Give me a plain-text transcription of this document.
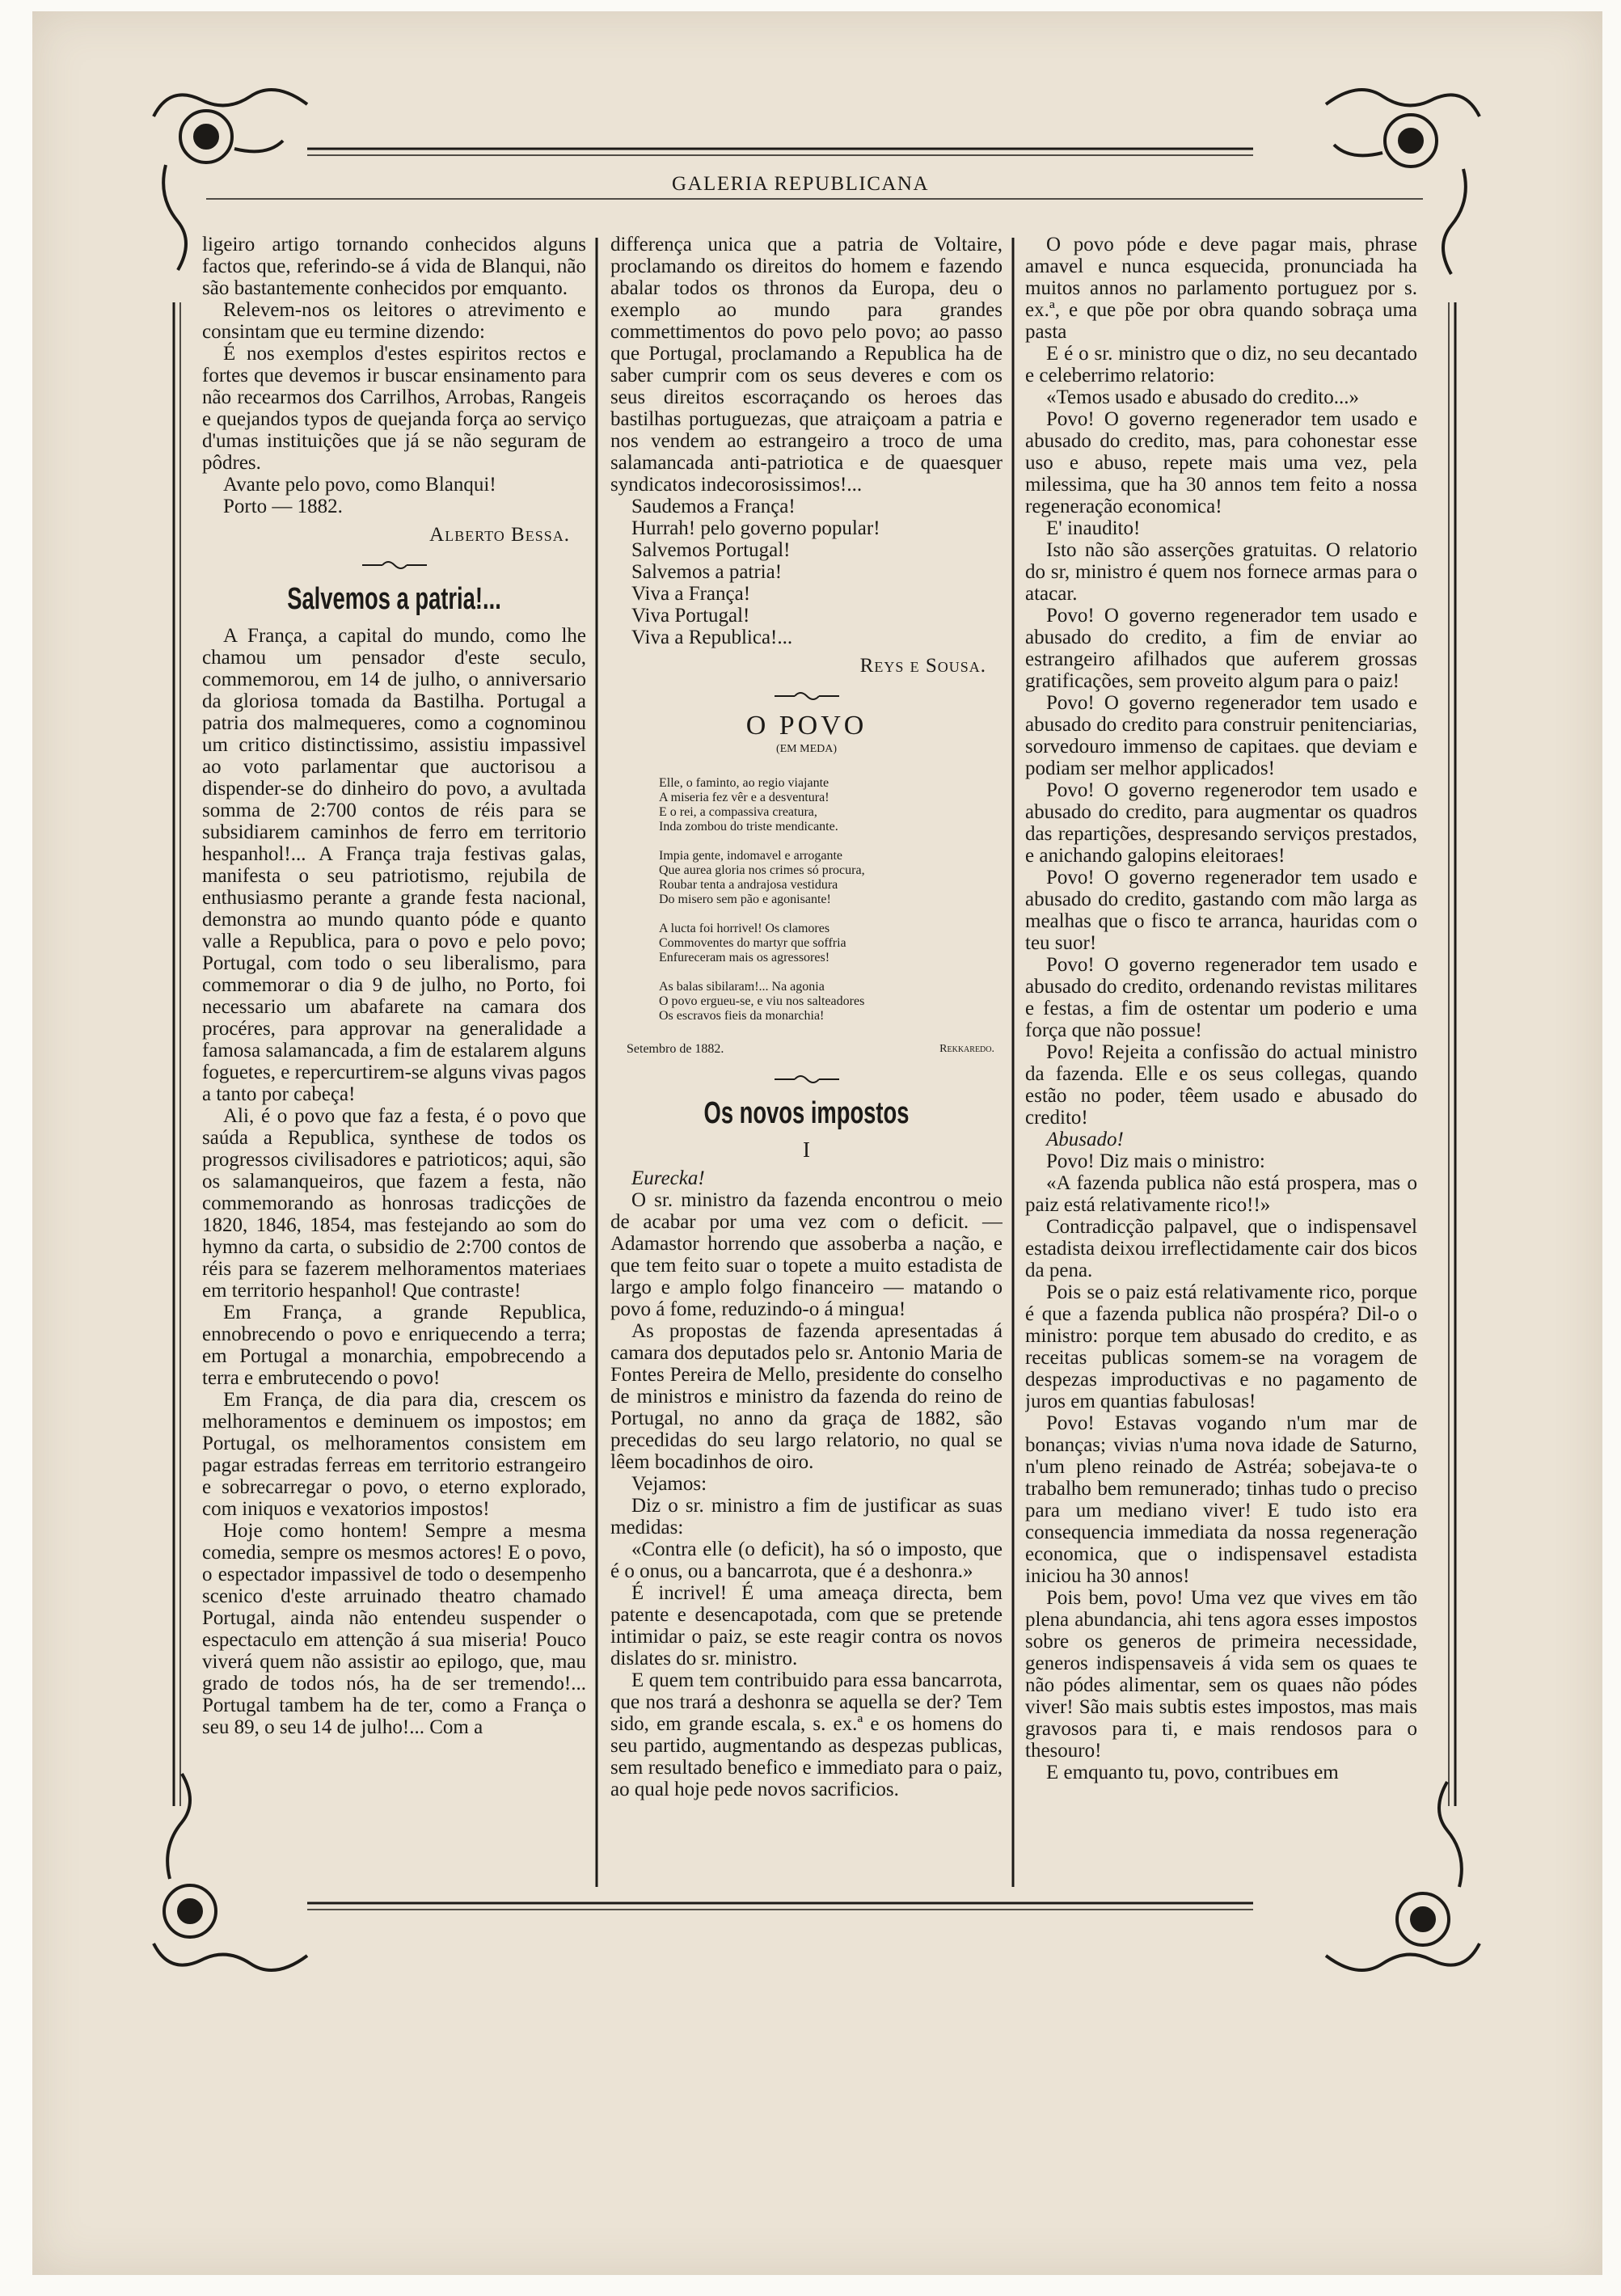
GALERIA REPUBLICANA

ligeiro artigo tornando conhecidos alguns factos que, referindo-se á vida de Blanqui, não são bastantemente conhecidos por emquanto.

Relevem-nos os leitores o atrevimento e consintam que eu termine dizendo:

É nos exemplos d'estes espiritos rectos e fortes que devemos ir buscar ensinamento para não recearmos dos Carrilhos, Arrobas, Rangeis e quejandos typos de quejanda força ao serviço d'umas instituições que já se não seguram de pôdres.

Avante pelo povo, como Blanqui!

Porto — 1882.

Alberto Bessa.

Salvemos a patria!...

A França, a capital do mundo, como lhe chamou um pensador d'este seculo, commemorou, em 14 de julho, o anniversario da gloriosa tomada da Bastilha. Portugal a patria dos malmequeres, como a cognominou um critico distinctissimo, assistiu impassivel ao voto parlamentar que auctorisou a dispender-se do dinheiro do povo, a avultada somma de 2:700 contos de réis para se subsidiarem caminhos de ferro em territorio hespanhol!... A França traja festivas galas, manifesta o seu patriotismo, rejubila de enthusiasmo perante a grande festa nacional, demonstra ao mundo quanto póde e quanto valle a Republica, para o povo e pelo povo; Portugal, com todo o seu liberalismo, para commemorar o dia 9 de julho, no Porto, foi necessario um abafarete na camara dos procéres, para approvar na generalidade a famosa salamancada, a fim de estalarem alguns foguetes, e repercurtirem-se alguns vivas pagos a tanto por cabeça!

Ali, é o povo que faz a festa, é o povo que saúda a Republica, synthese de todos os progressos civilisadores e patrioticos; aqui, são os salamanqueiros, que fazem a festa, não commemorando as honrosas tradicções de 1820, 1846, 1854, mas festejando ao som do hymno da carta, o subsidio de 2:700 contos de réis para se fazerem melhoramentos materiaes em territorio hespanhol! Que contraste!

Em França, a grande Republica, ennobrecendo o povo e enriquecendo a terra; em Portugal a monarchia, empobrecendo a terra e embrutecendo o povo!

Em França, de dia para dia, crescem os melhoramentos e deminuem os impostos; em Portugal, os melhoramentos consistem em pagar estradas ferreas em territorio estrangeiro e sobrecarregar o povo, o eterno explorado, com iniquos e vexatorios impostos!

Hoje como hontem! Sempre a mesma comedia, sempre os mesmos actores! E o povo, o espectador impassivel de todo o desempenho scenico d'este arruinado theatro chamado Portugal, ainda não entendeu suspender o espectaculo em attenção á sua miseria! Pouco viverá quem não assistir ao epilogo, que, mau grado de todos nós, ha de ser tremendo!... Portugal tambem ha de ter, como a França o seu 89, o seu 14 de julho!... Com a

differença unica que a patria de Voltaire, proclamando os direitos do homem e fazendo abalar todos os thronos da Europa, deu o exemplo ao mundo para grandes commettimentos do povo pelo povo; ao passo que Portugal, proclamando a Republica ha de saber cumprir com os seus deveres e com os seus direitos escorraçando os heroes das bastilhas portuguezas, que atraiçoam a patria e nos vendem ao estrangeiro a troco de uma salamancada anti-patriotica e de quaesquer syndicatos indecorosissimos!...

Saudemos a França!

Hurrah! pelo governo popular!

Salvemos Portugal!

Salvemos a patria!

Viva a França!

Viva Portugal!

Viva a Republica!...

Reys e Sousa.

O POVO
(EM MEDA)
Elle, o faminto, ao regio viajante
A miseria fez vêr e a desventura!
E o rei, a compassiva creatura,
Inda zombou do triste mendicante.
Impia gente, indomavel e arrogante
Que aurea gloria nos crimes só procura,
Roubar tenta a andrajosa vestidura
Do misero sem pão e agonisante!
A lucta foi horrivel! Os clamores
Commoventes do martyr que soffria
Enfureceram mais os agressores!
As balas sibilaram!... Na agonia
O povo ergueu-se, e viu nos salteadores
Os escravos fieis da monarchia!
Setembro de 1882.	Rekkaredo.
Os novos impostos
I

Eurecka!

O sr. ministro da fazenda encontrou o meio de acabar por uma vez com o deficit. — Adamastor horrendo que assoberba a nação, e que tem feito suar o topete a muito estadista de largo e amplo folgo financeiro — matando o povo á fome, reduzindo-o á mingua!

As propostas de fazenda apresentadas á camara dos deputados pelo sr. Antonio Maria de Fontes Pereira de Mello, presidente do conselho de ministros e ministro da fazenda do reino de Portugal, no anno da graça de 1882, são precedidas do seu largo relatorio, no qual se lêem bocadinhos de oiro.

Vejamos:

Diz o sr. ministro a fim de justificar as suas medidas:

«Contra elle (o deficit), ha só o imposto, que é o onus, ou a bancarrota, que é a deshonra.»

É incrivel! É uma ameaça directa, bem patente e desencapotada, com que se pretende intimidar o paiz, se este reagir contra os novos dislates do sr. ministro.

E quem tem contribuido para essa bancarrota, que nos trará a deshonra se aquella se der? Tem sido, em grande escala, s. ex.ª e os homens do seu partido, augmentando as despezas publicas, sem resultado benefico e immediato para o paiz, ao qual hoje pede novos sacrificios.

O povo póde e deve pagar mais, phrase amavel e nunca esquecida, pronunciada ha muitos annos no parlamento portuguez por s. ex.ª, e que põe por obra quando sobraça uma pasta

E é o sr. ministro que o diz, no seu decantado e celeberrimo relatorio:

«Temos usado e abusado do credito...»

Povo! O governo regenerador tem usado e abusado do credito, mas, para cohonestar esse uso e abuso, repete mais uma vez, pela milessima, que ha 30 annos tem feito a nossa regeneração economica!

E' inaudito!

Isto não são asserções gratuitas. O relatorio do sr, ministro é quem nos fornece armas para o atacar.

Povo! O governo regenerador tem usado e abusado do credito, a fim de enviar ao estrangeiro afilhados que auferem grossas gratificações, sem proveito algum para o paiz!

Povo! O governo regenerador tem usado e abusado do credito para construir penitenciarias, sorvedouro immenso de capitaes. que deviam e podiam ser melhor applicados!

Povo! O governo regenerodor tem usado e abusado do credito, para augmentar os quadros das repartições, despresando serviços prestados, e anichando galopins eleitoraes!

Povo! O governo regenerador tem usado e abusado do credito, gastando com mão larga as mealhas que o fisco te arranca, hauridas com o teu suor!

Povo! O governo regenerador tem usado e abusado do credito, ordenando revistas militares e festas, a fim de ostentar um poderio e uma força que não possue!

Povo! Rejeita a confissão do actual ministro da fazenda. Elle e os seus collegas, quando estão no poder, têem usado e abusado do credito!

Abusado!

Povo! Diz mais o ministro:

«A fazenda publica não está prospera, mas o paiz está relativamente rico!!»

Contradicção palpavel, que o indispensavel estadista deixou irreflectidamente cair dos bicos da pena.

Pois se o paiz está relativamente rico, porque é que a fazenda publica não prospéra? Dil-o o ministro: porque tem abusado do credito, e as receitas publicas somem-se na voragem de despezas improductivas e no pagamento de juros em quantias fabulosas!

Povo! Estavas vogando n'um mar de bonanças; vivias n'uma nova idade de Saturno, n'um pleno reinado de Astréa; sobejava-te o trabalho bem remunerado; tinhas tudo o preciso para um mediano viver! E tudo isto era consequencia immediata da nossa regeneração economica, que o indispensavel estadista iniciou ha 30 annos!

Pois bem, povo! Uma vez que vives em tão plena abundancia, ahi tens agora esses impostos sobre os generos de primeira necessidade, generos indispensaveis á vida sem os quaes te não pódes alimentar, sem os quaes não pódes viver! São mais subtis estes impostos, mas mais gravosos para ti, e mais rendosos para o thesouro!

E emquanto tu, povo, contribues em
